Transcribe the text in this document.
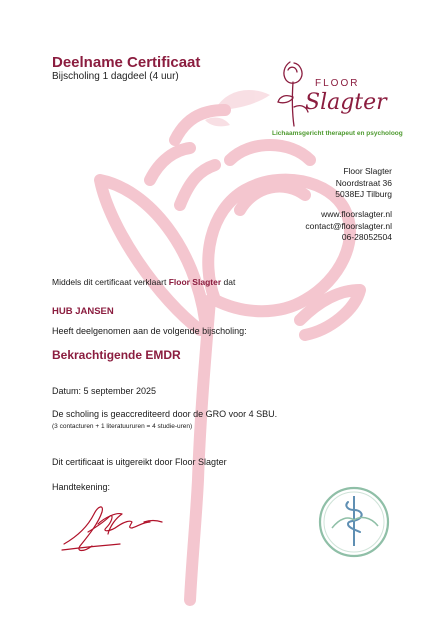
Deelname Certificaat
Bijscholing 1 dagdeel (4 uur)
FLOOR
Slagter
Lichaamsgericht therapeut en psycholoog
Floor Slagter
Noordstraat 36
5038EJ Tilburg
www.floorslagter.nl
contact@floorslagter.nl
06-28052504
Middels dit certificaat verklaart Floor Slagter dat
HUB JANSEN
Heeft deelgenomen aan de volgende bijscholing:
Bekrachtigende EMDR
Datum: 5 september 2025
De scholing is geaccrediteerd door de GRO voor 4 SBU.
(3 contacturen + 1 literatuururen = 4 studie-uren)
Dit certificaat is uitgereikt door Floor Slagter
Handtekening:
